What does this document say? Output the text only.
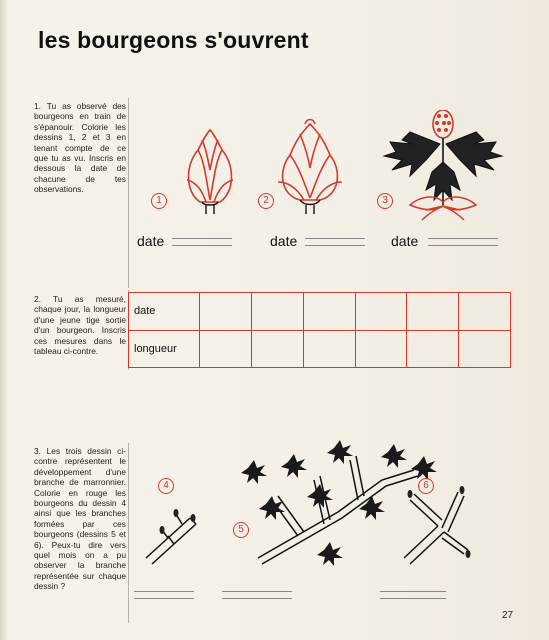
les bourgeons s'ouvrent
1. Tu as observé des bourgeons en train de s'épanouir. Colorie les dessins 1, 2 et 3 en tenant compte de ce que tu as vu. Inscris en dessous la date de chacune de tes observations.
1	2	3
date	date	date
2. Tu as mesuré, chaque jour, la longueur d'une jeune tige sortie d'un bourgeon. Inscris ces mesures dans le tableau ci-contre.
date						
longueur						
3. Les trois dessin ci-contre représentent le développement d'une branche de marronnier. Colorie en rouge les bourgeons du dessin 4 ainsi que les branches formées par ces bourgeons (dessins 5 et 6). Peux-tu dire vers quel mois on a pu observer la branche représentée sur chaque dessin ?
4
5
6
27
